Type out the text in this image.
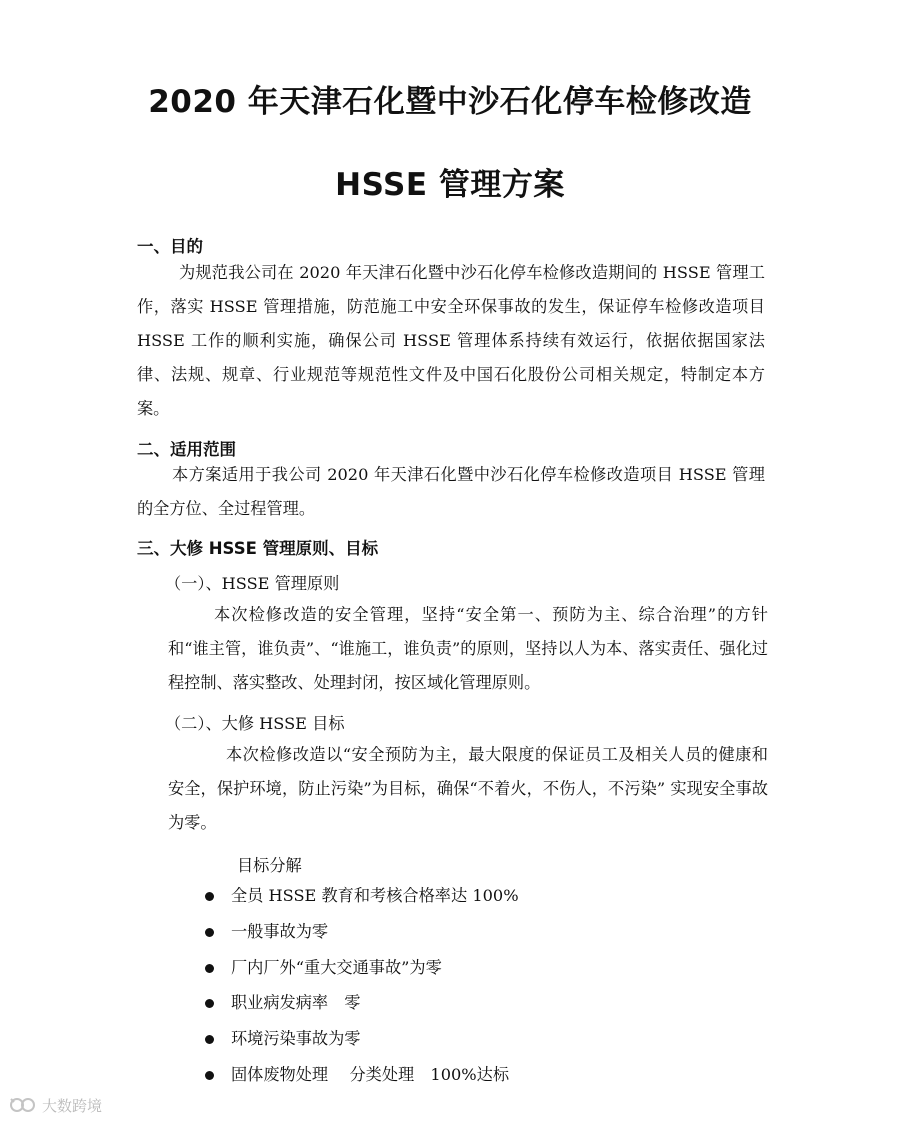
2020 年天津石化暨中沙石化停车检修改造
HSSE 管理方案
一、目的

为规范我公司在 2020 年天津石化暨中沙石化停车检修改造期间的 HSSE 管理工作，落实 HSSE 管理措施，防范施工中安全环保事故的发生，保证停车检修改造项目 HSSE 工作的顺利实施，确保公司 HSSE 管理体系持续有效运行，依据依据国家法律、法规、规章、行业规范等规范性文件及中国石化股份公司相关规定，特制定本方案。

二、适用范围

本方案适用于我公司 2020 年天津石化暨中沙石化停车检修改造项目 HSSE 管理的全方位、全过程管理。

三、大修 HSSE 管理原则、目标
（一）、HSSE 管理原则

本次检修改造的安全管理，坚持“安全第一、预防为主、综合治理”的方针和“谁主管，谁负责”、“谁施工，谁负责”的原则，坚持以人为本、落实责任、强化过程控制、落实整改、处理封闭，按区域化管理原则。

（二）、大修 HSSE 目标

本次检修改造以“安全预防为主，最大限度的保证员工及相关人员的健康和安全，保护环境，防止污染”为目标，确保“不着火，不伤人，不污染” 实现安全事故为零。

目标分解
全员 HSSE 教育和考核合格率达 100%
一般事故为零
厂内厂外“重大交通事故”为零
职业病发病率　零
环境污染事故为零
固体废物处理　 分类处理　100%达标
大数跨境
